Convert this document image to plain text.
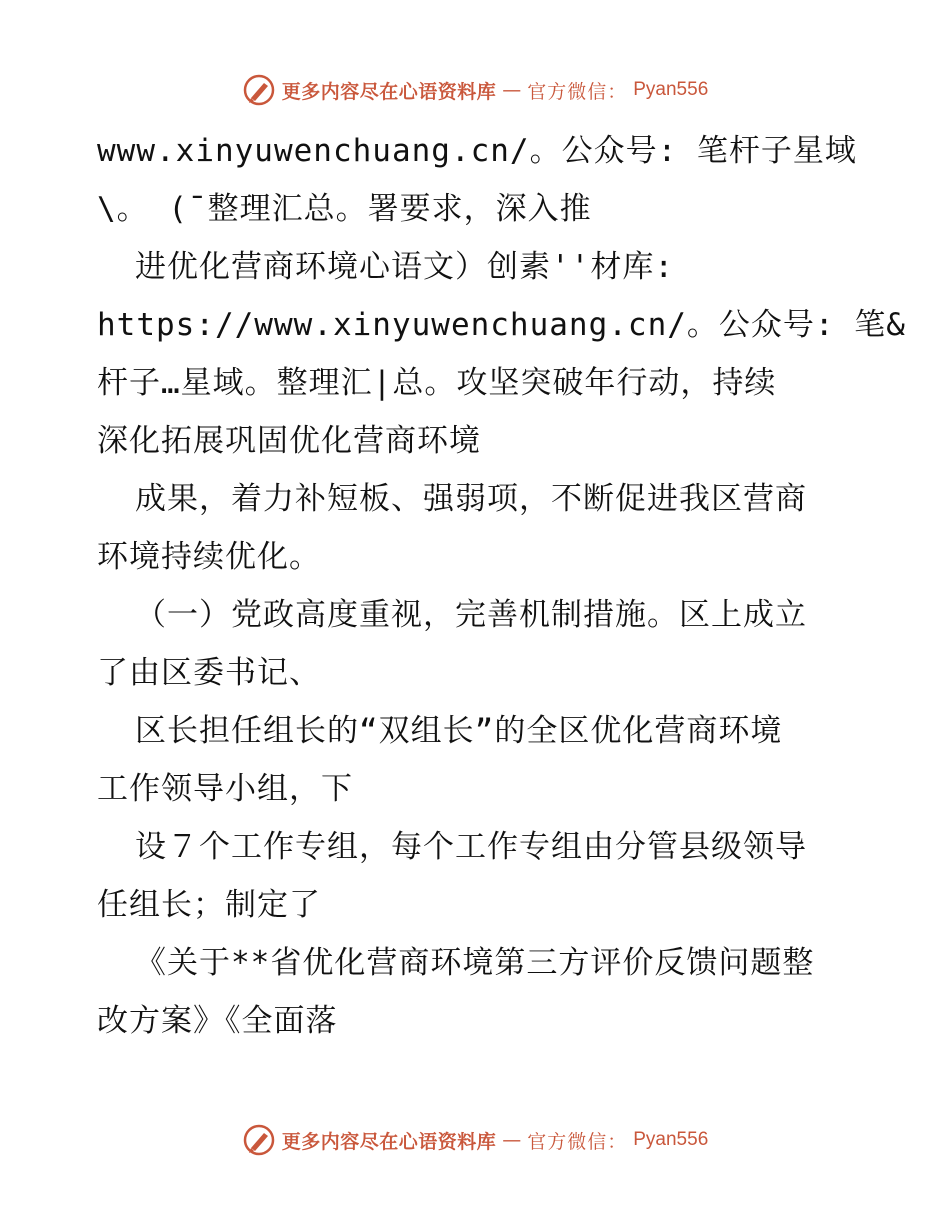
更多内容尽在心语资料库 — 官方微信： Pyan556
www.xinyuwenchuang.cn/。公众号: 笔杆子星域
\。 (¯整理汇总。署要求，深入推
进优化营商环境心语文）创素''材库:
https://www.xinyuwenchuang.cn/。公众号: 笔&
杆子…星域。整理汇|总。攻坚突破年行动，持续
深化拓展巩固优化营商环境
成果，着力补短板、强弱项，不断促进我区营商
环境持续优化。
（一）党政高度重视，完善机制措施。区上成立
了由区委书记、
区长担任组长的“双组长”的全区优化营商环境
工作领导小组，下
设７个工作专组，每个工作专组由分管县级领导
任组长；制定了
《关于**省优化营商环境第三方评价反馈问题整
改方案》《全面落
更多内容尽在心语资料库 — 官方微信： Pyan556
